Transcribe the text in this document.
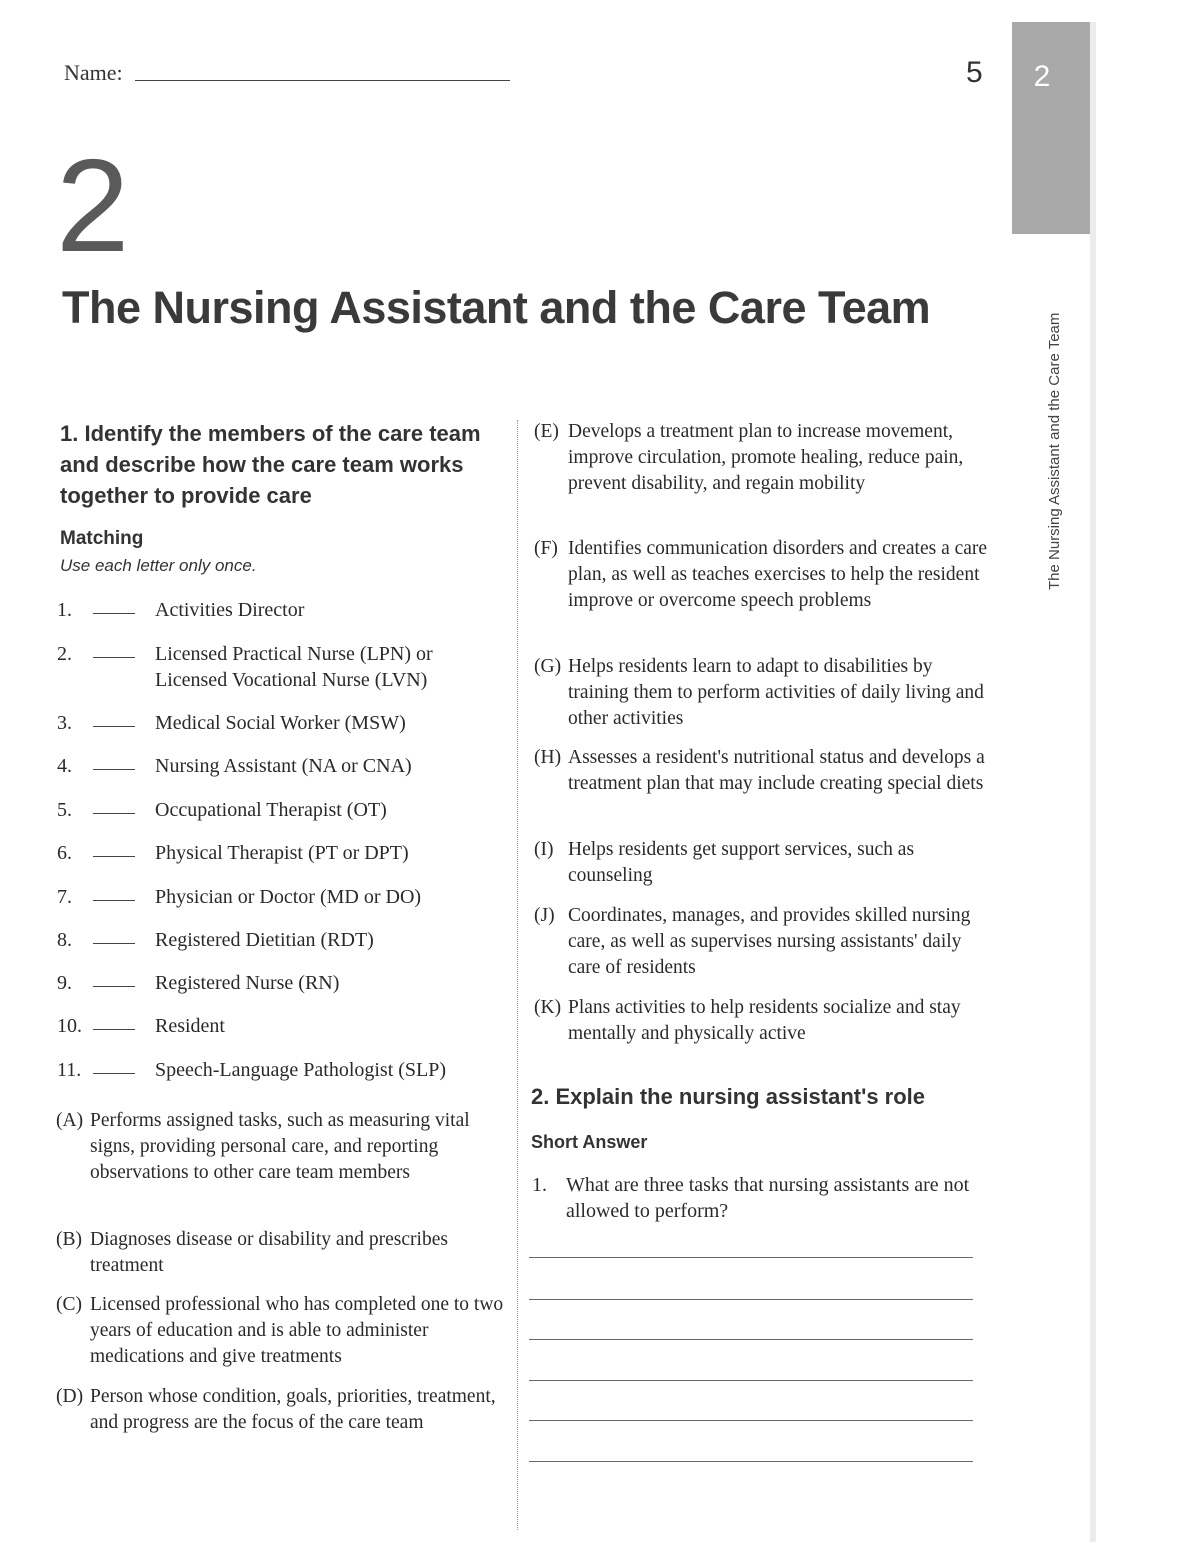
Name:	5	2
The Nursing Assistant and the Care Team
2
The Nursing Assistant and the Care Team
1. Identify the members of the care team and describe how the care team works together to provide care
Matching
Use each letter only once.
1.	Activities Director
2.	Licensed Practical Nurse (LPN) or Licensed Vocational Nurse (LVN)
3.	Medical Social Worker (MSW)
4.	Nursing Assistant (NA or CNA)
5.	Occupational Therapist (OT)
6.	Physical Therapist (PT or DPT)
7.	Physician or Doctor (MD or DO)
8.	Registered Dietitian (RDT)
9.	Registered Nurse (RN)
10.	Resident
11.	Speech-Language Pathologist (SLP)
(A) Performs assigned tasks, such as measuring vital signs, providing personal care, and reporting observations to other care team members
(B) Diagnoses disease or disability and prescribes treatment
(C) Licensed professional who has completed one to two years of education and is able to administer medications and give treatments
(D) Person whose condition, goals, priorities, treatment, and progress are the focus of the care team
(E) Develops a treatment plan to increase movement, improve circulation, promote healing, reduce pain, prevent disability, and regain mobility
(F) Identifies communication disorders and creates a care plan, as well as teaches exercises to help the resident improve or overcome speech problems
(G) Helps residents learn to adapt to disabilities by training them to perform activities of daily living and other activities
(H) Assesses a resident's nutritional status and develops a treatment plan that may include creating special diets
(I) Helps residents get support services, such as counseling
(J) Coordinates, manages, and provides skilled nursing care, as well as supervises nursing assistants' daily care of residents
(K) Plans activities to help residents socialize and stay mentally and physically active
2. Explain the nursing assistant's role
Short Answer
1. What are three tasks that nursing assistants are not allowed to perform?
